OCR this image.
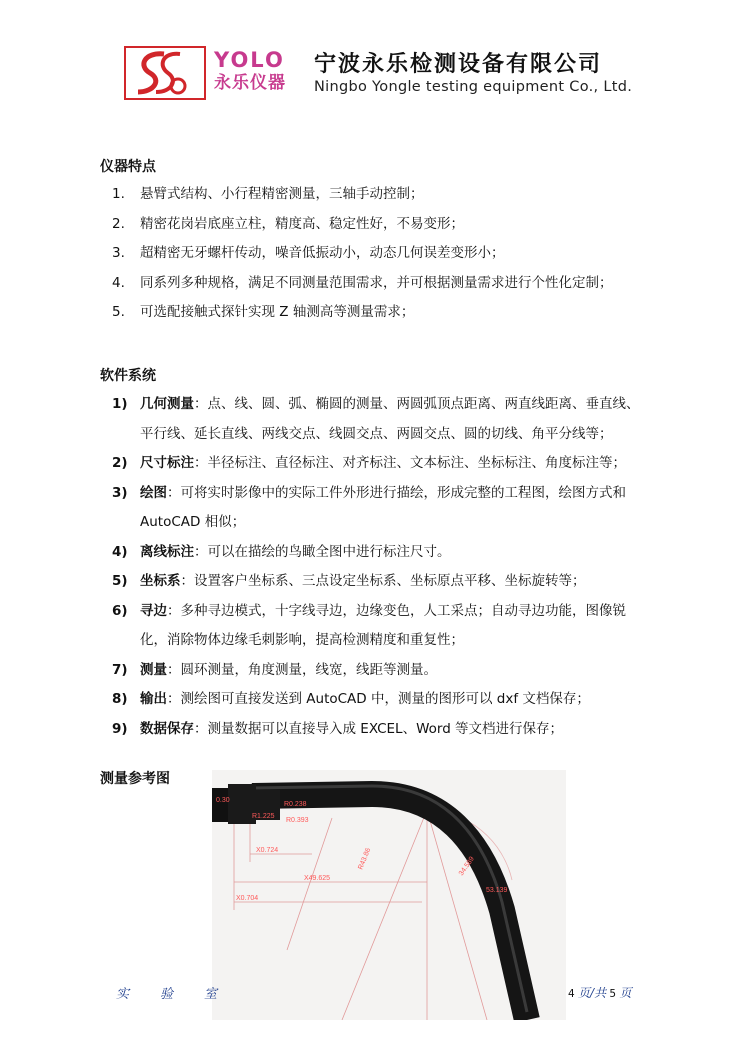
YOLO
永乐仪器
宁波永乐检测设备有限公司
Ningbo Yongle testing equipment Co., Ltd.
仪器特点
1. 悬臂式结构、小行程精密测量，三轴手动控制；
2. 精密花岗岩底座立柱，精度高、稳定性好，不易变形；
3. 超精密无牙螺杆传动，噪音低振动小，动态几何误差变形小；
4. 同系列多种规格，满足不同测量范围需求，并可根据测量需求进行个性化定制；
5. 可选配接触式探针实现 Z 轴测高等测量需求；
软件系统
1) 几何测量：点、线、圆、弧、椭圆的测量、两圆弧顶点距离、两直线距离、垂直线、
平行线、延长直线、两线交点、线圆交点、两圆交点、圆的切线、角平分线等；
2) 尺寸标注：半径标注、直径标注、对齐标注、文本标注、坐标标注、角度标注等；
3) 绘图：可将实时影像中的实际工件外形进行描绘，形成完整的工程图，绘图方式和
AutoCAD 相似；
4) 离线标注：可以在描绘的鸟瞰全图中进行标注尺寸。
5) 坐标系：设置客户坐标系、三点设定坐标系、坐标原点平移、坐标旋转等；
6) 寻边：多种寻边模式，十字线寻边，边缘变色，人工采点；自动寻边功能，图像锐
化，消除物体边缘毛刺影响，提高检测精度和重复性；
7) 测量：圆环测量，角度测量，线宽，线距等测量。
8) 输出：测绘图可直接发送到 AutoCAD 中，测量的图形可以 dxf 文档保存；
9) 数据保存：测量数据可以直接导入成 EXCEL、Word 等文档进行保存；
测量参考图
0.30
R0.238
R1.225
R0.393
X0.724	R43.86
X49.625
34.589
53.139
X0.704
实 验 室	4 页/共 5 页
